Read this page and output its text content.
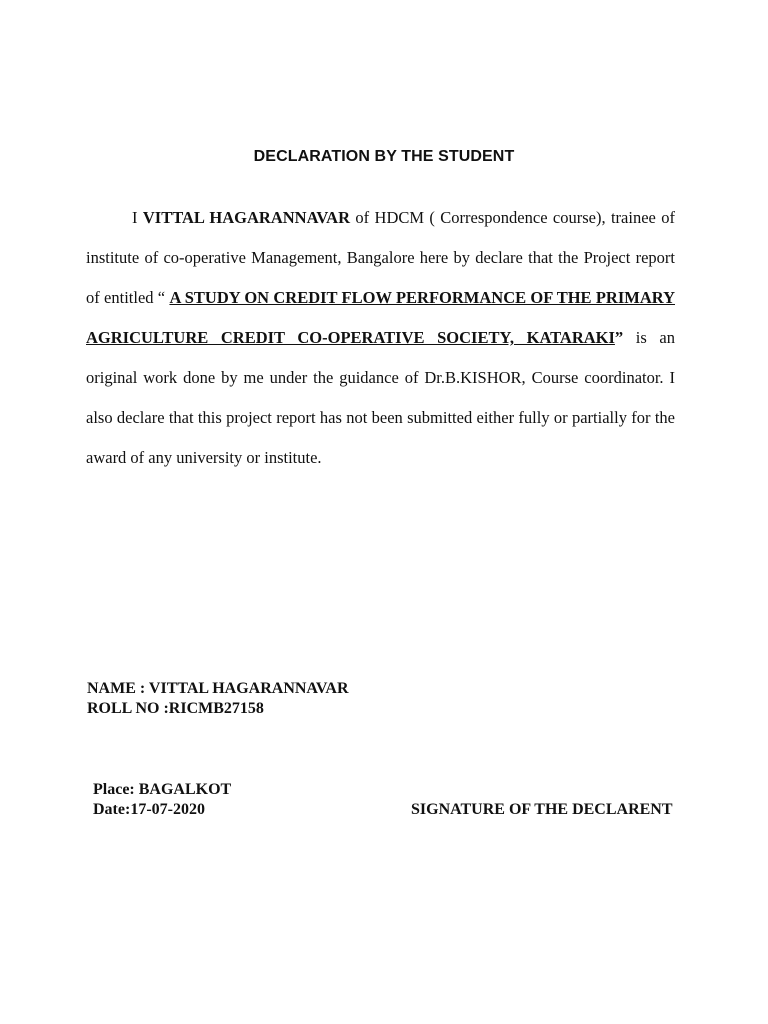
DECLARATION BY THE STUDENT

I VITTAL HAGARANNAVAR of HDCM ( Correspondence course), trainee of institute of co-operative Management, Bangalore here by declare that the Project report of entitled “ A STUDY ON CREDIT FLOW PERFORMANCE OF THE PRIMARY AGRICULTURE CREDIT CO-OPERATIVE SOCIETY, KATARAKI” is an original work done by me under the guidance of Dr.B.KISHOR, Course coordinator. I also declare that this project report has not been submitted either fully or partially for the award of any university or institute.

NAME : VITTAL HAGARANNAVAR
ROLL NO :RICMB27158
Place: BAGALKOT
Date:17-07-2020	SIGNATURE OF THE DECLARENT
